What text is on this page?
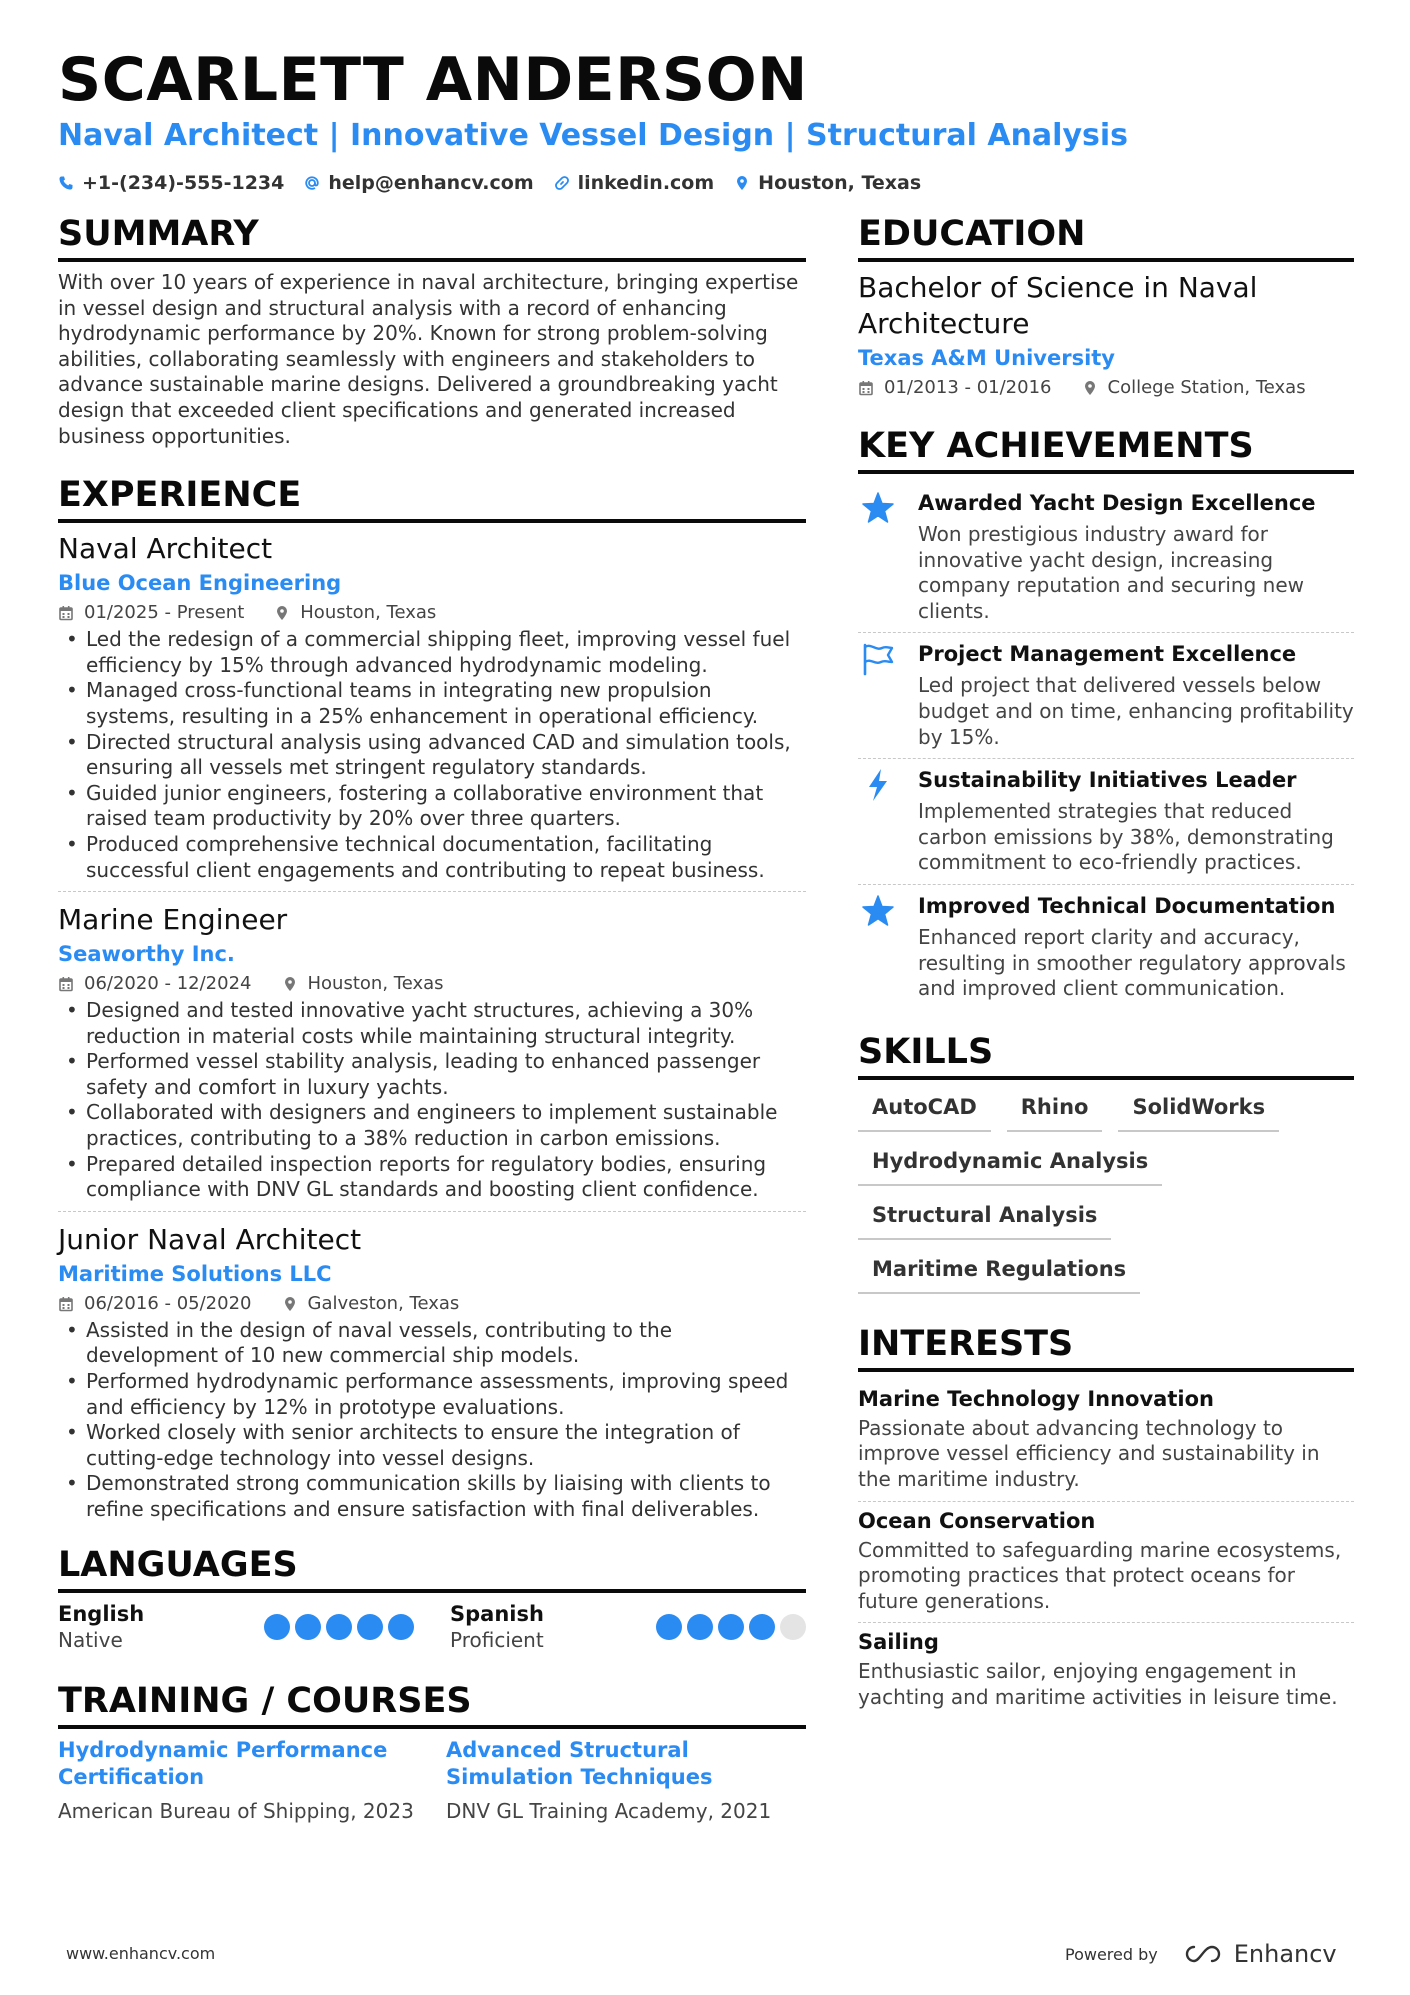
SCARLETT ANDERSON
Naval Architect | Innovative Vessel Design | Structural Analysis
+1-(234)-555-1234 help@enhancv.com linkedin.com Houston, Texas
SUMMARY

With over 10 years of experience in naval architecture, bringing expertise in vessel design and structural analysis with a record of enhancing hydrodynamic performance by 20%. Known for strong problem-solving abilities, collaborating seamlessly with engineers and stakeholders to advance sustainable marine designs. Delivered a groundbreaking yacht design that exceeded client specifications and generated increased business opportunities.

EXPERIENCE
Naval Architect
Blue Ocean Engineering
01/2025 - Present	Houston, Texas
• Led the redesign of a commercial shipping fleet, improving vessel fuel efficiency by 15% through advanced hydrodynamic modeling.
• Managed cross-functional teams in integrating new propulsion systems, resulting in a 25% enhancement in operational efficiency.
• Directed structural analysis using advanced CAD and simulation tools, ensuring all vessels met stringent regulatory standards.
• Guided junior engineers, fostering a collaborative environment that raised team productivity by 20% over three quarters.
• Produced comprehensive technical documentation, facilitating successful client engagements and contributing to repeat business.
Marine Engineer
Seaworthy Inc.
06/2020 - 12/2024	Houston, Texas
• Designed and tested innovative yacht structures, achieving a 30% reduction in material costs while maintaining structural integrity.
• Performed vessel stability analysis, leading to enhanced passenger safety and comfort in luxury yachts.
• Collaborated with designers and engineers to implement sustainable practices, contributing to a 38% reduction in carbon emissions.
• Prepared detailed inspection reports for regulatory bodies, ensuring compliance with DNV GL standards and boosting client confidence.
Junior Naval Architect
Maritime Solutions LLC
06/2016 - 05/2020	Galveston, Texas
• Assisted in the design of naval vessels, contributing to the development of 10 new commercial ship models.
• Performed hydrodynamic performance assessments, improving speed and efficiency by 12% in prototype evaluations.
• Worked closely with senior architects to ensure the integration of cutting-edge technology into vessel designs.
• Demonstrated strong communication skills by liaising with clients to refine specifications and ensure satisfaction with final deliverables.
LANGUAGES
English
Native
Spanish
Proficient
TRAINING / COURSES
Hydrodynamic Performance Certification
American Bureau of Shipping, 2023
Advanced Structural Simulation Techniques
DNV GL Training Academy, 2021
EDUCATION
Bachelor of Science in Naval Architecture
Texas A&M University
01/2013 - 01/2016	College Station, Texas
KEY ACHIEVEMENTS
Awarded Yacht Design Excellence
Won prestigious industry award for innovative yacht design, increasing company reputation and securing new clients.
Project Management Excellence
Led project that delivered vessels below budget and on time, enhancing profitability by 15%.
Sustainability Initiatives Leader
Implemented strategies that reduced carbon emissions by 38%, demonstrating commitment to eco-friendly practices.
Improved Technical Documentation
Enhanced report clarity and accuracy, resulting in smoother regulatory approvals and improved client communication.
SKILLS
AutoCAD	Rhino	SolidWorks
Hydrodynamic Analysis
Structural Analysis
Maritime Regulations
INTERESTS
Marine Technology Innovation
Passionate about advancing technology to improve vessel efficiency and sustainability in the maritime industry.
Ocean Conservation
Committed to safeguarding marine ecosystems, promoting practices that protect oceans for future generations.
Sailing
Enthusiastic sailor, enjoying engagement in yachting and maritime activities in leisure time.
www.enhancv.com	Powered by	Enhancv
